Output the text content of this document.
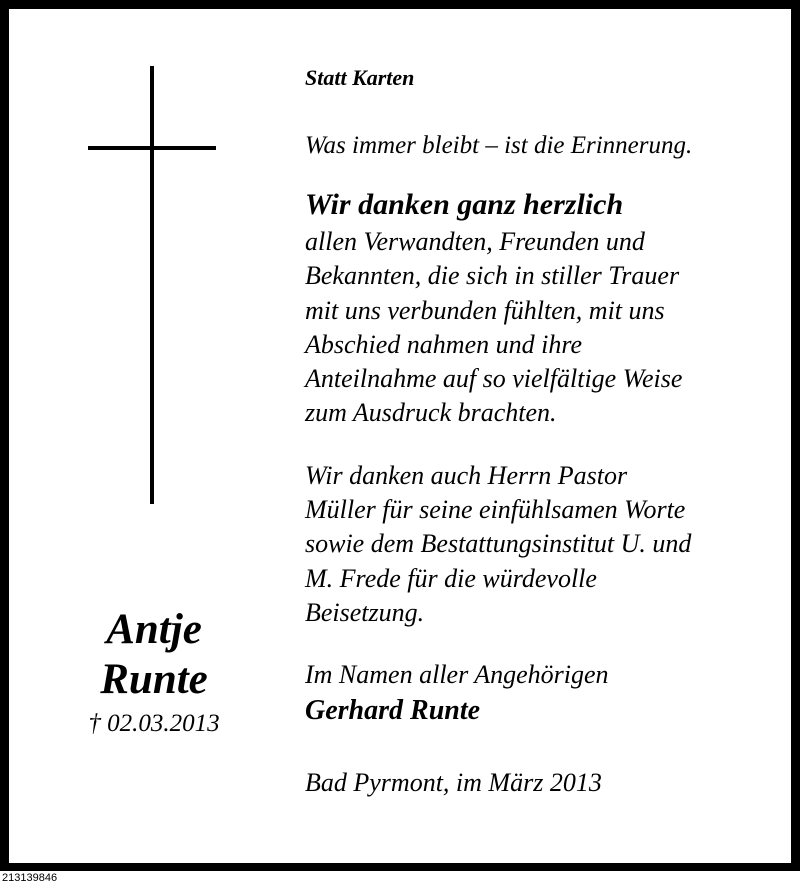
Antje
Runte
† 02.03.2013

Statt Karten

Was immer bleibt – ist die Erinnerung.

Wir danken ganz herzlich

allen Verwandten, Freunden und
Bekannten, die sich in stiller Trauer
mit uns verbunden fühlten, mit uns
Abschied nahmen und ihre
Anteilnahme auf so vielfältige Weise
zum Ausdruck brachten.

Wir danken auch Herrn Pastor
Müller für seine einfühlsamen Worte
sowie dem Bestattungsinstitut U. und
M. Frede für die würdevolle
Beisetzung.

Im Namen aller Angehörigen

Gerhard Runte

Bad Pyrmont, im März 2013

213139846
